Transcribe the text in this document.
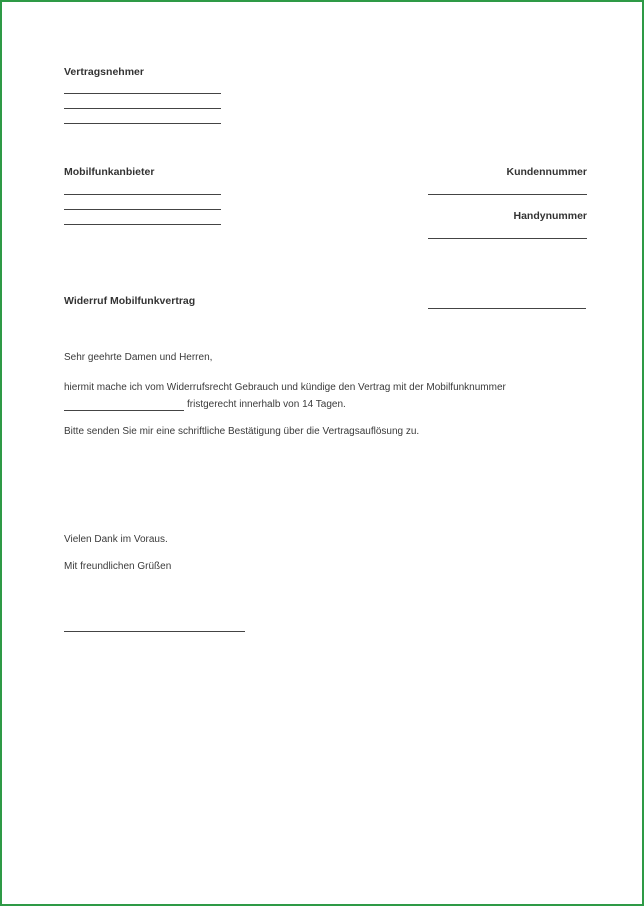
Vertragsnehmer
Mobilfunkanbieter	Kundennummer
Handynummer
Widerruf Mobilfunkvertrag
Sehr geehrte Damen und Herren,
hiermit mache ich vom Widerrufsrecht Gebrauch und kündige den Vertrag mit der Mobilfunknummer
fristgerecht innerhalb von 14 Tagen.
Bitte senden Sie mir eine schriftliche Bestätigung über die Vertragsauflösung zu.
Vielen Dank im Voraus.
Mit freundlichen Grüßen
